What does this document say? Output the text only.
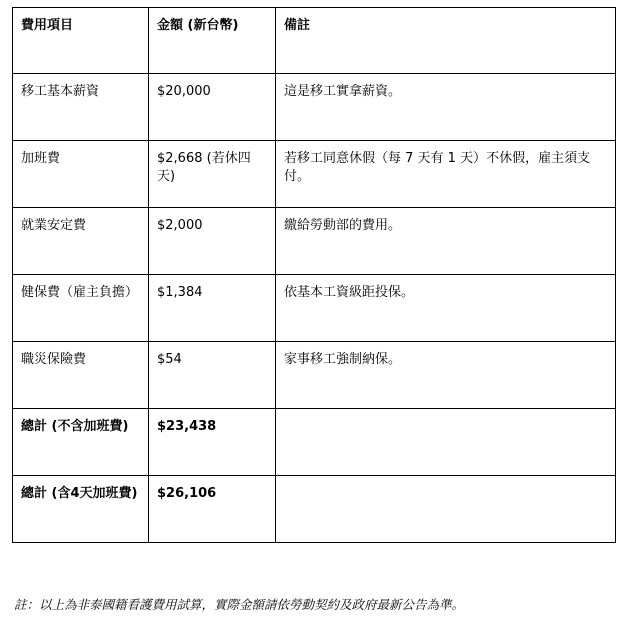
費用項目	金額 (新台幣)	備註
移工基本薪資	$20,000	這是移工實拿薪資。
加班費	$2,668 (若休四天)	若移工同意休假（每 7 天有 1 天）不休假，雇主須支付。
就業安定費	$2,000	繳給勞動部的費用。
健保費（雇主負擔）	$1,384	依基本工資級距投保。
職災保險費	$54	家事移工強制納保。
總計 (不含加班費)	$23,438	
總計 (含4天加班費)	$26,106	
註：以上為非泰國籍看護費用試算，實際金額請依勞動契約及政府最新公告為準。
